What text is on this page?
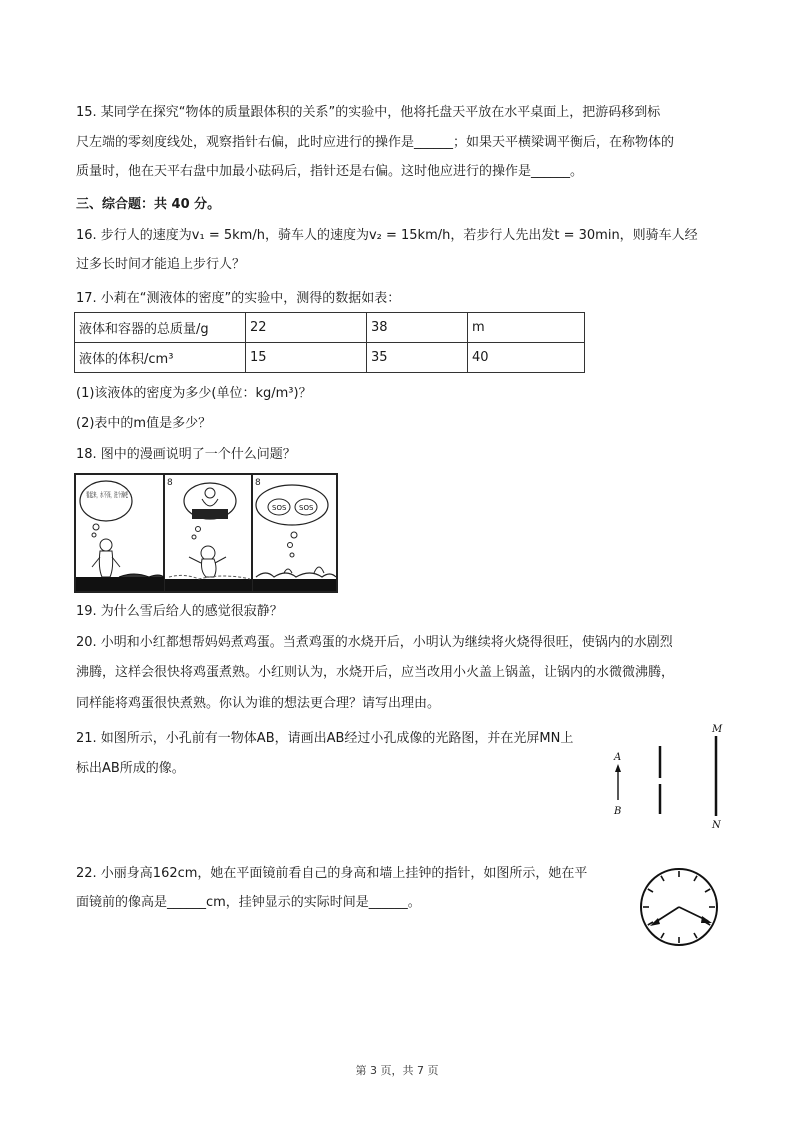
15. 某同学在探究“物体的质量跟体积的关系”的实验中，他将托盘天平放在水平桌面上，把游码移到标
尺左端的零刻度线处，观察指针右偏，此时应进行的操作是______；如果天平横梁调平衡后，在称物体的
质量时，他在天平右盘中加最小砝码后，指针还是右偏。这时他应进行的操作是______。
三、综合题：共 40 分。
16. 步行人的速度为v₁ = 5km/h，骑车人的速度为v₂ = 15km/h，若步行人先出发t = 30min，则骑车人经
过多长时间才能追上步行人？
17. 小莉在“测液体的密度”的实验中，测得的数据如表：
液体和容器的总质量/g	22	38	m
液体的体积/cm³	15	35	40
(1)该液体的密度为多少(单位：kg/m³)？
(2)表中的m值是多少？
18. 图中的漫画说明了一个什么问题？
8	8
SOS SOS
19. 为什么雪后给人的感觉很寂静？
20. 小明和小红都想帮妈妈煮鸡蛋。当煮鸡蛋的水烧开后，小明认为继续将火烧得很旺，使锅内的水剧烈
沸腾，这样会很快将鸡蛋煮熟。小红则认为，水烧开后，应当改用小火盖上锅盖，让锅内的水微微沸腾，
同样能将鸡蛋很快煮熟。你认为谁的想法更合理？请写出理由。
21. 如图所示，小孔前有一物体AB，请画出AB经过小孔成像的光路图，并在光屏MN上
标出AB所成的像。
A
B
M
N
22. 小丽身高162cm，她在平面镜前看自己的身高和墙上挂钟的指针，如图所示，她在平
面镜前的像高是______cm，挂钟显示的实际时间是______。
第 3 页，共 7 页
